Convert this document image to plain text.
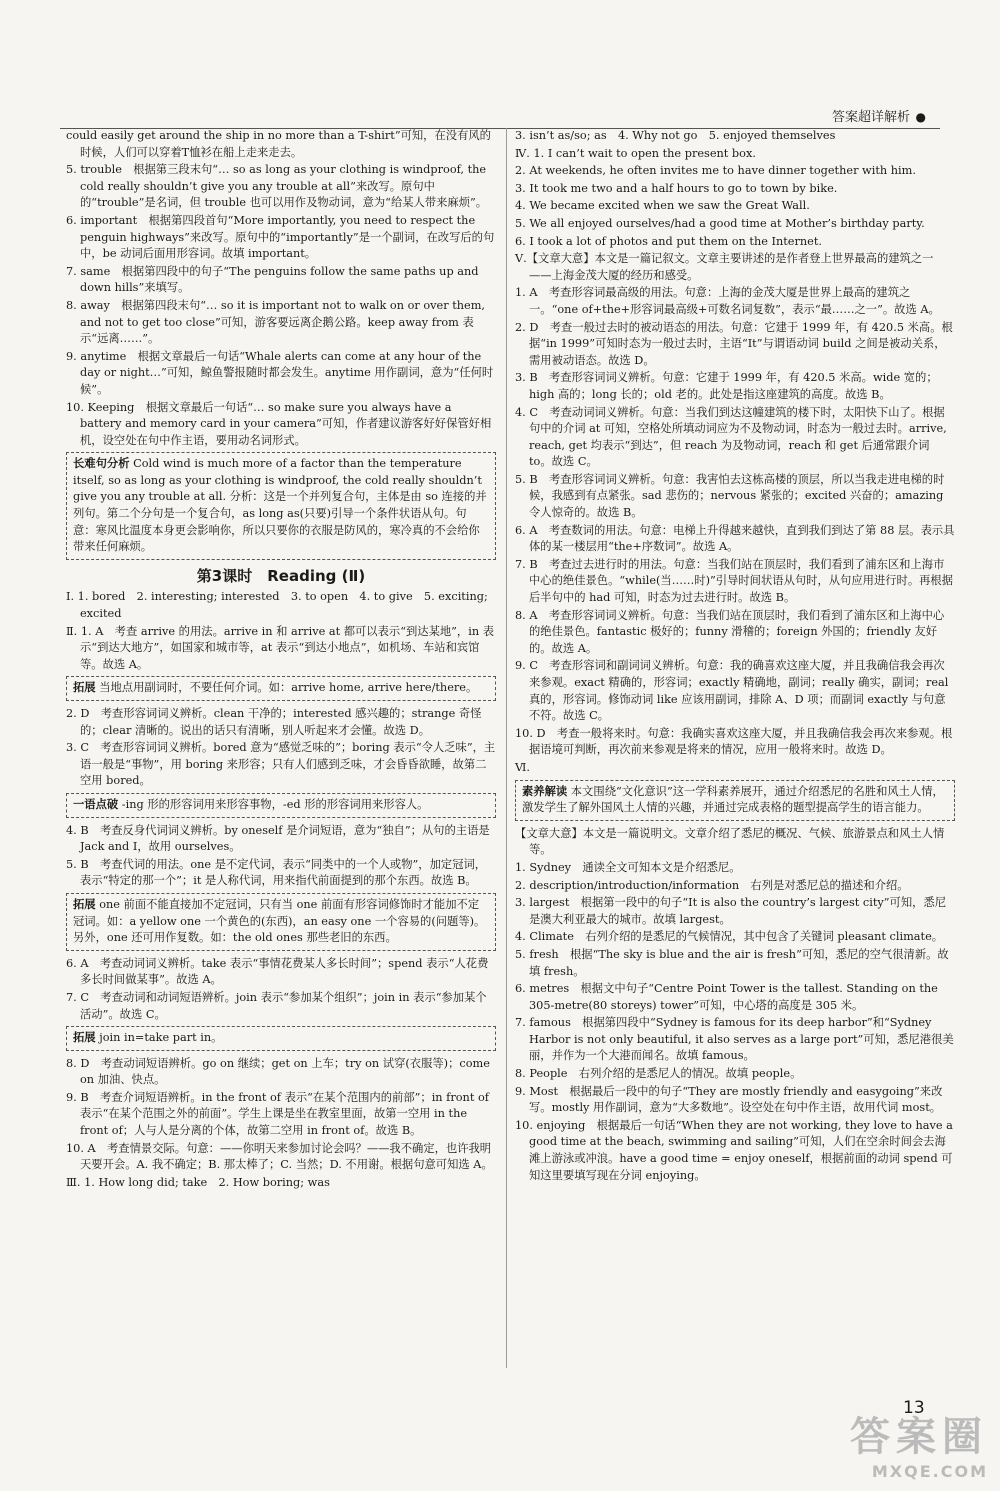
答案超详解析 ●

could easily get around the ship in no more than a T-shirt”可知，在没有风的时候，人们可以穿着T恤衫在船上走来走去。

5. trouble　根据第三段末句“… so as long as your clothing is windproof, the cold really shouldn’t give you any trouble at all”来改写。原句中的“trouble”是名词，但 trouble 也可以用作及物动词，意为“给某人带来麻烦”。

6. important　根据第四段首句“More importantly, you need to respect the penguin highways”来改写。原句中的“importantly”是一个副词，在改写后的句中，be 动词后面用形容词。故填 important。

7. same　根据第四段中的句子“The penguins follow the same paths up and down hills”来填写。

8. away　根据第四段末句“… so it is important not to walk on or over them, and not to get too close”可知，游客要远离企鹅公路。keep away from 表示“远离……”。

9. anytime　根据文章最后一句话“Whale alerts can come at any hour of the day or night…”可知，鲸鱼警报随时都会发生。anytime 用作副词，意为“任何时候”。

10. Keeping　根据文章最后一句话“… so make sure you always have a battery and memory card in your camera”可知，作者建议游客好好保管好相机，设空处在句中作主语，要用动名词形式。

长难句分析 Cold wind is much more of a factor than the temperature itself, so as long as your clothing is windproof, the cold really shouldn’t give you any trouble at all. 分析：这是一个并列复合句，主体是由 so 连接的并列句。第二个分句是一个复合句，as long as(只要)引导一个条件状语从句。句意：寒风比温度本身更会影响你，所以只要你的衣服是防风的，寒冷真的不会给你带来任何麻烦。
第3课时　Reading (Ⅱ)

Ⅰ. 1. bored　2. interesting; interested　3. to open　4. to give　5. exciting; excited

Ⅱ. 1. A　考查 arrive 的用法。arrive in 和 arrive at 都可以表示“到达某地”，in 表示“到达大地方”，如国家和城市等，at 表示“到达小地点”，如机场、车站和宾馆等。故选 A。

拓展 当地点用副词时，不要任何介词。如：arrive home, arrive here/there。

2. D　考查形容词词义辨析。clean 干净的；interested 感兴趣的；strange 奇怪的；clear 清晰的。说出的话只有清晰，别人听起来才会懂。故选 D。

3. C　考查形容词词义辨析。bored 意为“感觉乏味的”；boring 表示“令人乏味”，主语一般是“事物”，用 boring 来形容；只有人们感到乏味，才会昏昏欲睡，故第二空用 bored。

一语点破 -ing 形的形容词用来形容事物，-ed 形的形容词用来形容人。

4. B　考查反身代词词义辨析。by oneself 是介词短语，意为“独自”；从句的主语是 Jack and I，故用 ourselves。

5. B　考查代词的用法。one 是不定代词，表示“同类中的一个人或物”，加定冠词，表示“特定的那一个”；it 是人称代词，用来指代前面提到的那个东西。故选 B。

拓展 one 前面不能直接加不定冠词，只有当 one 前面有形容词修饰时才能加不定冠词。如：a yellow one 一个黄色的(东西)，an easy one 一个容易的(问题等)。另外，one 还可用作复数。如：the old ones 那些老旧的东西。

6. A　考查动词词义辨析。take 表示“事情花费某人多长时间”；spend 表示“人花费多长时间做某事”。故选 A。

7. C　考查动词和动词短语辨析。join 表示“参加某个组织”；join in 表示“参加某个活动”。故选 C。

拓展 join in=take part in。

8. D　考查动词短语辨析。go on 继续；get on 上车；try on 试穿(衣服等)；come on 加油、快点。

9. B　考查介词短语辨析。in the front of 表示“在某个范围内的前部”；in front of 表示“在某个范围之外的前面”。学生上课是坐在教室里面，故第一空用 in the front of；人与人是分离的个体，故第二空用 in front of。故选 B。

10. A　考查情景交际。句意：——你明天来参加讨论会吗？——我不确定，也许我明天要开会。A. 我不确定；B. 那太棒了；C. 当然；D. 不用谢。根据句意可知选 A。

Ⅲ. 1. How long did; take　2. How boring; was

3. isn’t as/so; as　4. Why not go　5. enjoyed themselves

Ⅳ. 1. I can’t wait to open the present box.

2. At weekends, he often invites me to have dinner together with him.

3. It took me two and a half hours to go to town by bike.

4. We became excited when we saw the Great Wall.

5. We all enjoyed ourselves/had a good time at Mother’s birthday party.

6. I took a lot of photos and put them on the Internet.

Ⅴ.【文章大意】本文是一篇记叙文。文章主要讲述的是作者登上世界最高的建筑之一——上海金茂大厦的经历和感受。

1. A　考查形容词最高级的用法。句意：上海的金茂大厦是世界上最高的建筑之一。“one of+the+形容词最高级+可数名词复数”，表示“最……之一”。故选 A。

2. D　考查一般过去时的被动语态的用法。句意：它建于 1999 年，有 420.5 米高。根据“in 1999”可知时态为一般过去时，主语“It”与谓语动词 build 之间是被动关系，需用被动语态。故选 D。

3. B　考查形容词词义辨析。句意：它建于 1999 年，有 420.5 米高。wide 宽的；high 高的；long 长的；old 老的。此处是指这座建筑的高度。故选 B。

4. C　考查动词词义辨析。句意：当我们到达这幢建筑的楼下时，太阳快下山了。根据句中的介词 at 可知，空格处所填动词应为不及物动词，时态为一般过去时。arrive, reach, get 均表示“到达”，但 reach 为及物动词，reach 和 get 后通常跟介词 to。故选 C。

5. B　考查形容词词义辨析。句意：我害怕去这栋高楼的顶层，所以当我走进电梯的时候，我感到有点紧张。sad 悲伤的；nervous 紧张的；excited 兴奋的；amazing 令人惊奇的。故选 B。

6. A　考查数词的用法。句意：电梯上升得越来越快，直到我们到达了第 88 层。表示具体的某一楼层用“the+序数词”。故选 A。

7. B　考查过去进行时的用法。句意：当我们站在顶层时，我们看到了浦东区和上海市中心的绝佳景色。“while(当……时)”引导时间状语从句时，从句应用进行时。再根据后半句中的 had 可知，时态为过去进行时。故选 B。

8. A　考查形容词词义辨析。句意：当我们站在顶层时，我们看到了浦东区和上海中心的绝佳景色。fantastic 极好的；funny 滑稽的；foreign 外国的；friendly 友好的。故选 A。

9. C　考查形容词和副词词义辨析。句意：我的确喜欢这座大厦，并且我确信我会再次来参观。exact 精确的，形容词；exactly 精确地，副词；really 确实，副词；real 真的，形容词。修饰动词 like 应该用副词，排除 A、D 项；而副词 exactly 与句意不符。故选 C。

10. D　考查一般将来时。句意：我确实喜欢这座大厦，并且我确信我会再次来参观。根据语境可判断，再次前来参观是将来的情况，应用一般将来时。故选 D。

Ⅵ.

素养解读 本文围绕“文化意识”这一学科素养展开，通过介绍悉尼的名胜和风土人情，激发学生了解外国风土人情的兴趣，并通过完成表格的题型提高学生的语言能力。

【文章大意】本文是一篇说明文。文章介绍了悉尼的概况、气候、旅游景点和风土人情等。

1. Sydney　通读全文可知本文是介绍悉尼。

2. description/introduction/information　右列是对悉尼总的描述和介绍。

3. largest　根据第一段中的句子“It is also the country’s largest city”可知，悉尼是澳大利亚最大的城市。故填 largest。

4. Climate　右列介绍的是悉尼的气候情况，其中包含了关键词 pleasant climate。

5. fresh　根据“The sky is blue and the air is fresh”可知，悉尼的空气很清新。故填 fresh。

6. metres　根据文中句子“Centre Point Tower is the tallest. Standing on the 305-metre(80 storeys) tower”可知，中心塔的高度是 305 米。

7. famous　根据第四段中“Sydney is famous for its deep harbor”和“Sydney Harbor is not only beautiful, it also serves as a large port”可知，悉尼港很美丽，并作为一个大港而闻名。故填 famous。

8. People　右列介绍的是悉尼人的情况。故填 people。

9. Most　根据最后一段中的句子“They are mostly friendly and easygoing”来改写。mostly 用作副词，意为“大多数地”。设空处在句中作主语，故用代词 most。

10. enjoying　根据最后一句话“When they are not working, they love to have a good time at the beach, swimming and sailing”可知，人们在空余时间会去海滩上游泳或冲浪。have a good time = enjoy oneself，根据前面的动词 spend 可知这里要填写现在分词 enjoying。

13
答案圈
MXQE.COM
